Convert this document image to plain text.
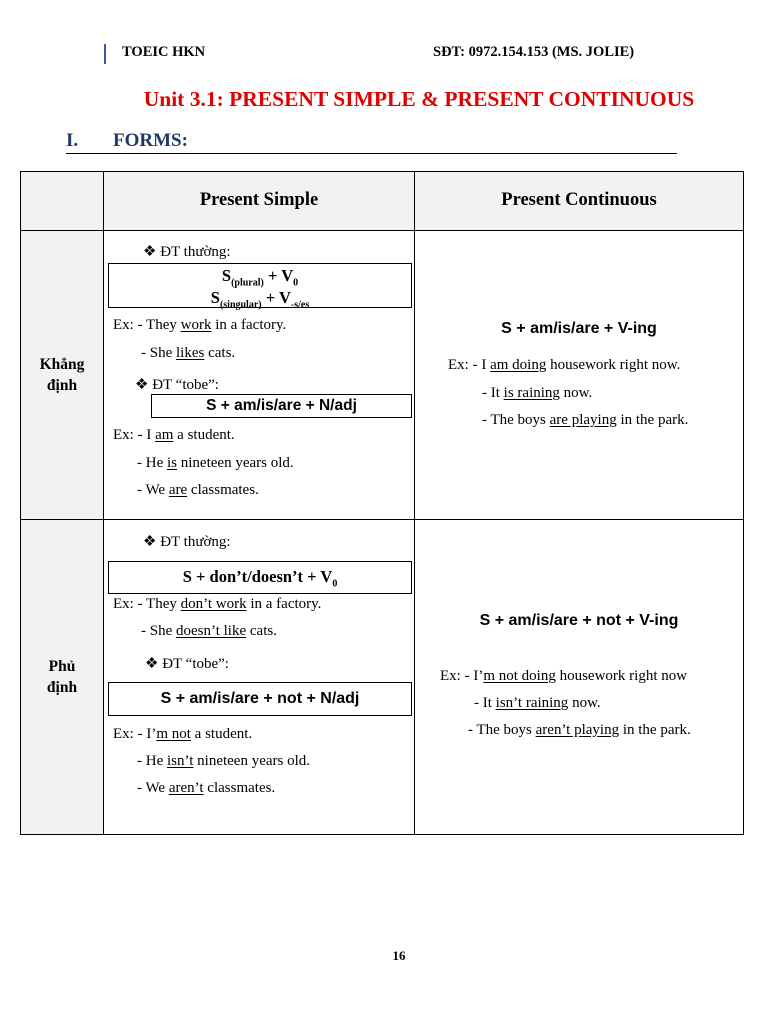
TOEIC HKN	SĐT: 0972.154.153 (MS. JOLIE)
Unit 3.1: PRESENT SIMPLE & PRESENT CONTINUOUS
I. FORMS:
Present Simple	Present Continuous
Khẳng
định
Phủ
định
❖ ĐT thường:
$S_{(plural)} + V_0$
$S_{(singular)} + V_{-s/es}$
Ex: - They work in a factory.
- She likes cats.
❖ ĐT “tobe”:
S + am/is/are + N/adj
Ex: - I am a student.
- He is nineteen years old.
- We are classmates.
S + am/is/are + V-ing
Ex: - I am doing housework right now.
- It is raining now.
- The boys are playing in the park.
❖ ĐT thường:
S + don’t/doesn’t + $V_0$
Ex: - They don’t work in a factory.
- She doesn’t like cats.
❖ ĐT “tobe”:
S + am/is/are + not + N/adj
Ex: - I’m not a student.
- He isn’t nineteen years old.
- We aren’t classmates.
S + am/is/are + not + V-ing
Ex: - I’m not doing housework right now
- It isn’t raining now.
- The boys aren’t playing in the park.
16
